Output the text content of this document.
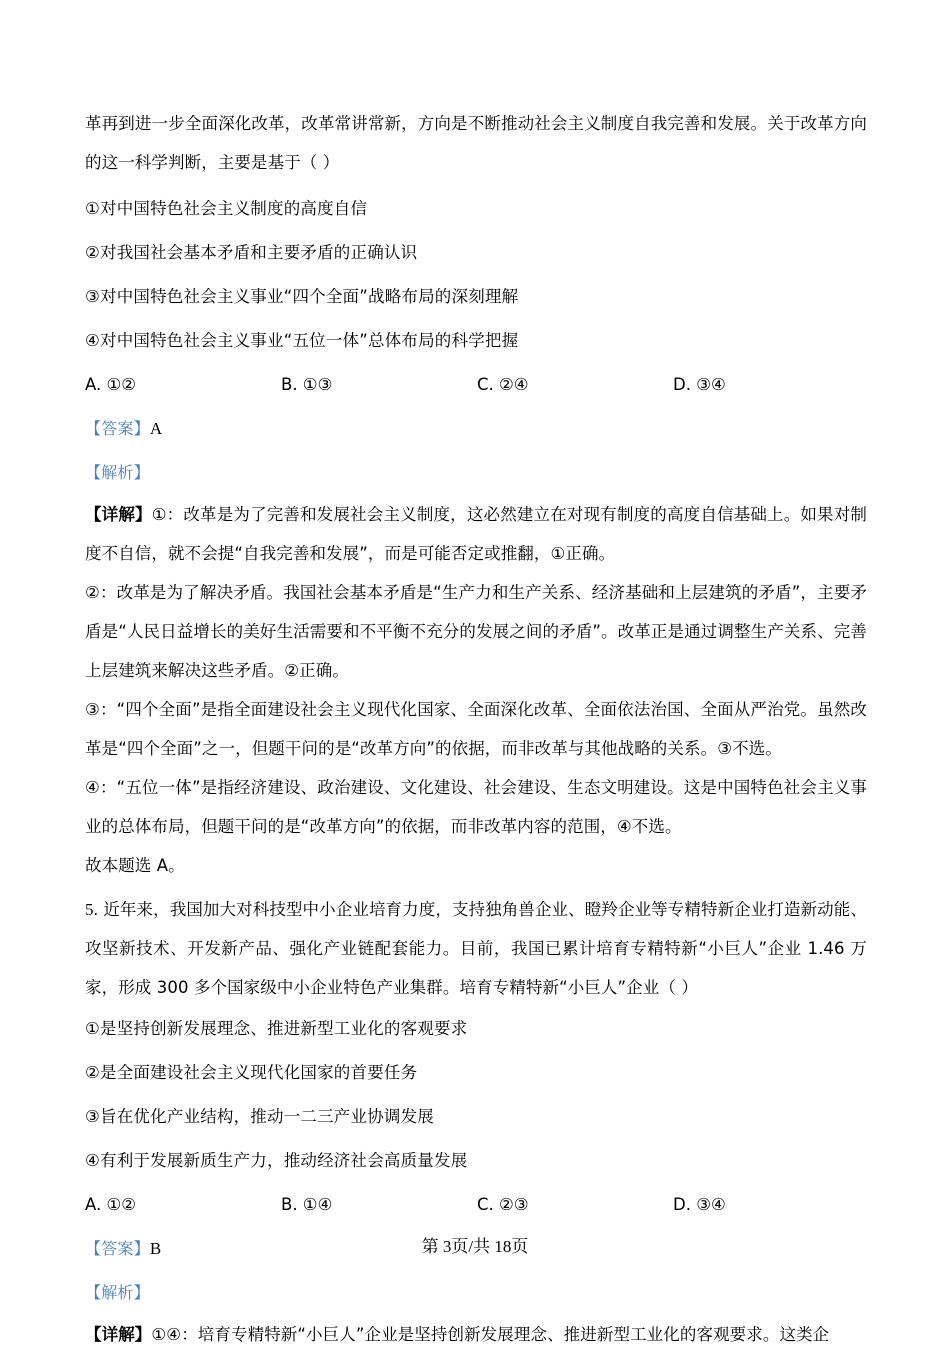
革再到进一步全面深化改革，改革常讲常新，方向是不断推动社会主义制度自我完善和发展。关于改革方向的这一科学判断，主要是基于（ ）
①对中国特色社会主义制度的高度自信
②对我国社会基本矛盾和主要矛盾的正确认识
③对中国特色社会主义事业“四个全面”战略布局的深刻理解
④对中国特色社会主义事业“五位一体”总体布局的科学把握
A. ①②	B. ①③	C. ②④	D. ③④
【答案】A
【解析】
【详解】①：改革是为了完善和发展社会主义制度，这必然建立在对现有制度的高度自信基础上。如果对制度不自信，就不会提“自我完善和发展”，而是可能否定或推翻，①正确。
②：改革是为了解决矛盾。我国社会基本矛盾是“生产力和生产关系、经济基础和上层建筑的矛盾”，主要矛盾是“人民日益增长的美好生活需要和不平衡不充分的发展之间的矛盾”。改革正是通过调整生产关系、完善上层建筑来解决这些矛盾。②正确。
③：“四个全面”是指全面建设社会主义现代化国家、全面深化改革、全面依法治国、全面从严治党。虽然改革是“四个全面”之一，但题干问的是“改革方向”的依据，而非改革与其他战略的关系。③不选。
④：“五位一体”是指经济建设、政治建设、文化建设、社会建设、生态文明建设。这是中国特色社会主义事业的总体布局，但题干问的是“改革方向”的依据，而非改革内容的范围，④不选。
故本题选 A。
5. 近年来，我国加大对科技型中小企业培育力度，支持独角兽企业、瞪羚企业等专精特新企业打造新动能、攻坚新技术、开发新产品、强化产业链配套能力。目前，我国已累计培育专精特新“小巨人”企业 1.46 万家，形成 300 多个国家级中小企业特色产业集群。培育专精特新“小巨人”企业（ ）
①是坚持创新发展理念、推进新型工业化的客观要求
②是全面建设社会主义现代化国家的首要任务
③旨在优化产业结构，推动一二三产业协调发展
④有利于发展新质生产力，推动经济社会高质量发展
A. ①②	B. ①④	C. ②③	D. ③④
【答案】B
【解析】
【详解】①④：培育专精特新“小巨人”企业是坚持创新发展理念、推进新型工业化的客观要求。这类企
第 3页/共 18页
